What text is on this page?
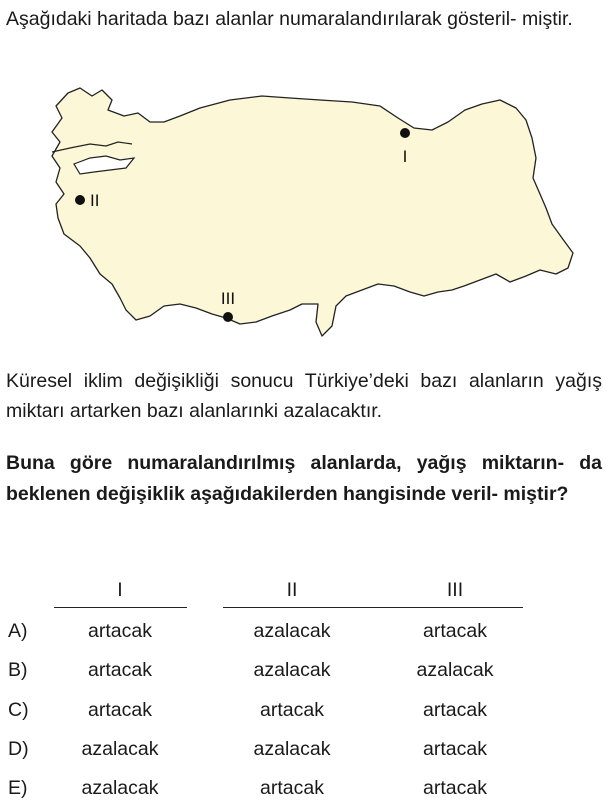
Aşağıdaki haritada bazı alanlar numaralandırılarak gösteril- miştir.

I
II
III

Küresel iklim değişikliği sonucu Türkiye’deki bazı alanların yağış miktarı artarken bazı alanlarınki azalacaktır.

Buna göre numaralandırılmış alanlarda, yağış miktarın- da beklenen değişiklik aşağıdakilerden hangisinde veril- miştir?

I	II	III
A)	artacak	azalacak	artacak
B)	artacak	azalacak	azalacak
C)	artacak	artacak	artacak
D)	azalacak	azalacak	artacak
E)	azalacak	artacak	artacak
